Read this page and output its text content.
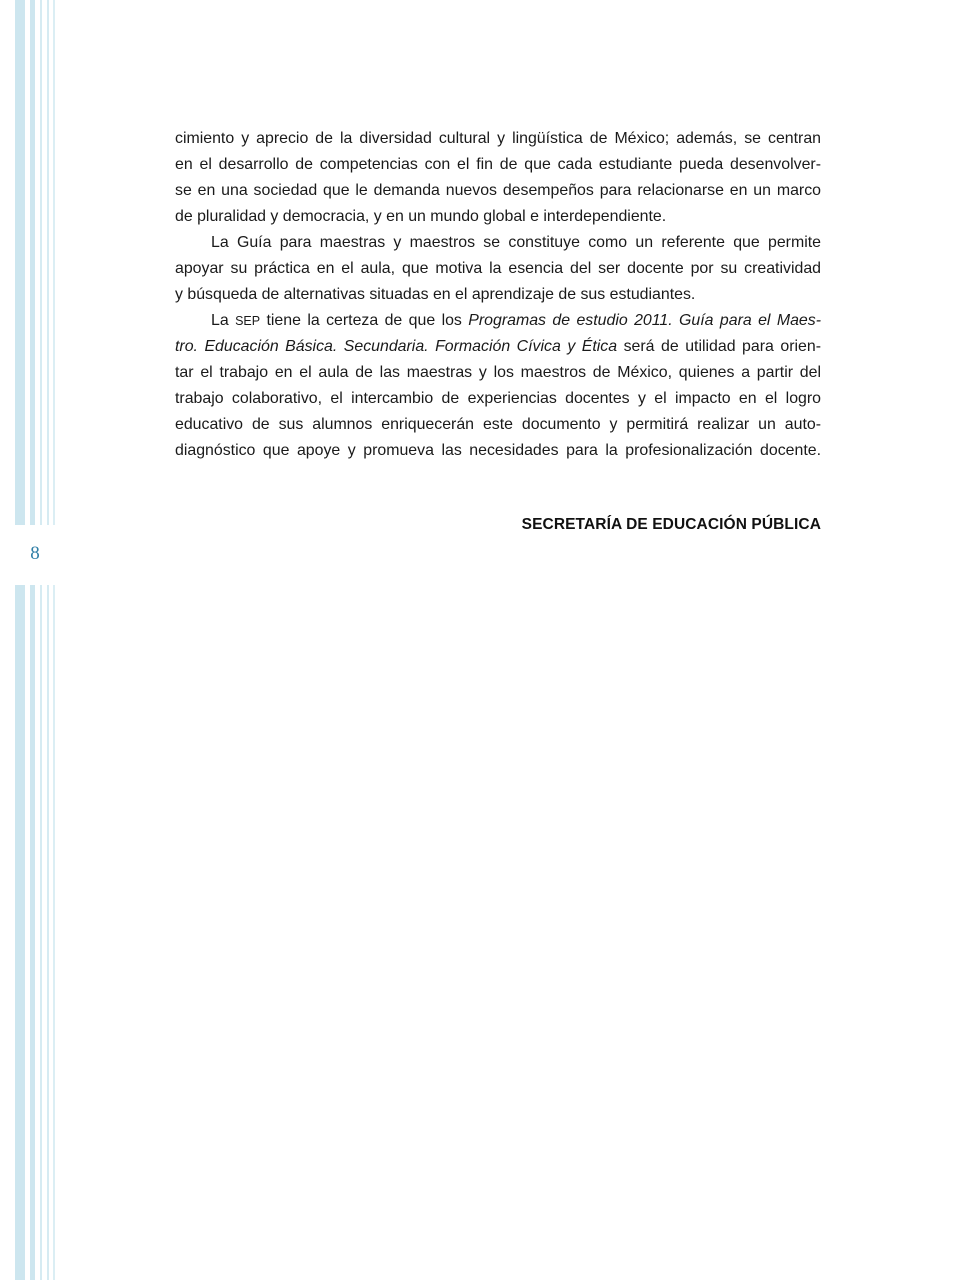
8

cimiento y aprecio de la diversidad cultural y lingüística de México; además, se centran
en el desarrollo de competencias con el fin de que cada estudiante pueda desenvolver-
se en una sociedad que le demanda nuevos desempeños para relacionarse en un marco
de pluralidad y democracia, y en un mundo global e interdependiente.

La Guía para maestras y maestros se constituye como un referente que permite
apoyar su práctica en el aula, que motiva la esencia del ser docente por su creatividad
y búsqueda de alternativas situadas en el aprendizaje de sus estudiantes.

La SEP tiene la certeza de que los Programas de estudio 2011. Guía para el Maes-
tro. Educación Básica. Secundaria. Formación Cívica y Ética será de utilidad para orien-
tar el trabajo en el aula de las maestras y los maestros de México, quienes a partir del
trabajo colaborativo, el intercambio de experiencias docentes y el impacto en el logro
educativo de sus alumnos enriquecerán este documento y permitirá realizar un auto-
diagnóstico que apoye y promueva las necesidades para la profesionalización docente.

SECRETARÍA DE EDUCACIÓN PÚBLICA
